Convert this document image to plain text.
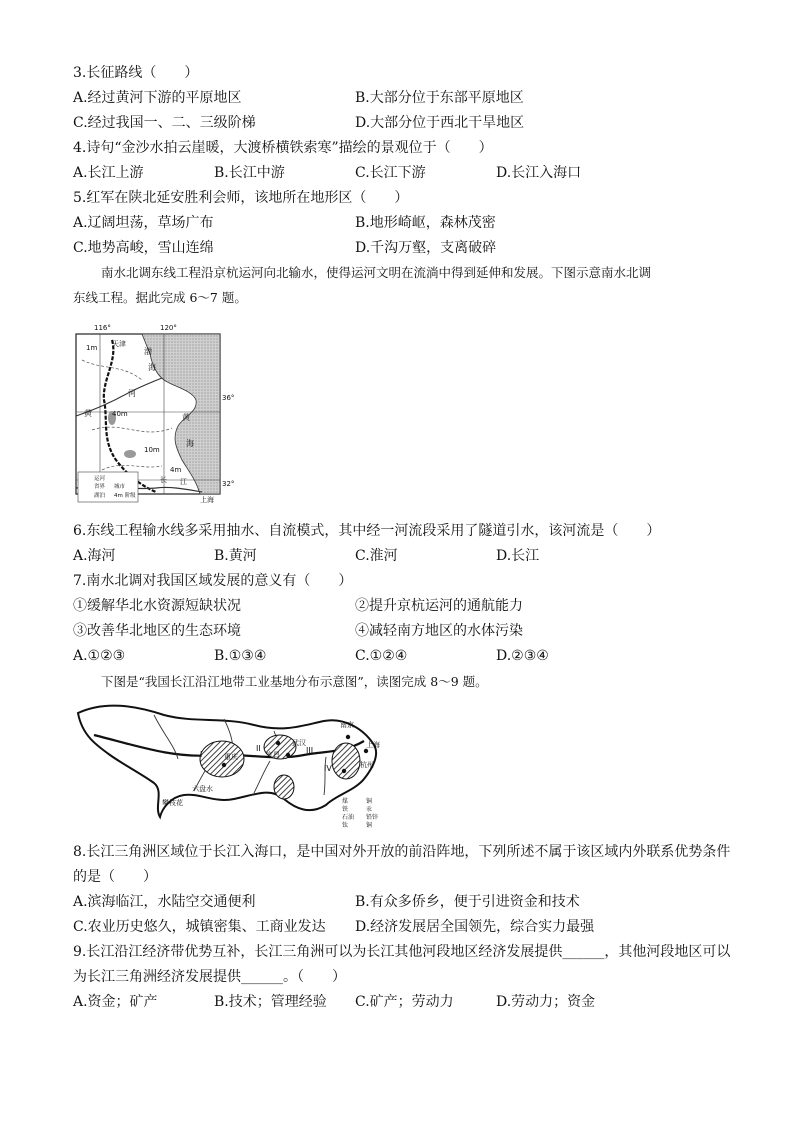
3.长征路线（　　）
A.经过黄河下游的平原地区	B.大部分位于东部平原地区
C.经过我国一、二、三级阶梯	D.大部分位于西北干旱地区
4.诗句“金沙水拍云崖暖，大渡桥横铁索寒”描绘的景观位于（　　）
A.长江上游	B.长江中游	C.长江下游	D.长江入海口
5.红军在陕北延安胜利会师，该地所在地形区（　　）
A.辽阔坦荡，草场广布	B.地形崎岖，森林茂密
C.地势高峻，雪山连绵	D.千沟万壑，支离破碎
南水北调东线工程沿京杭运河向北输水，使得运河文明在流淌中得到延伸和发展。下图示意南水北调
东线工程。据此完成 6～7 题。
116°	120°
36°
32°
天津
渤
海
黄
河
黄
海
长 江
上海
1m
40m
10m
4m
运河
省界 城市
湖泊 4m 阶级
6.东线工程输水线多采用抽水、自流模式，其中经一河流段采用了隧道引水，该河流是（　　）
A.海河	B.黄河	C.淮河	D.长江
7.南水北调对我国区域发展的意义有（　　）
①缓解华北水资源短缺状况	②提升京杭运河的通航能力
③改善华北地区的生态环境	④减轻南方地区的水体污染
A.①②③	B.①③④	C.①②④	D.②③④
下图是“我国长江沿江地带工业基地分布示意图”，读图完成 8～9 题。
南京
上海
杭州
重庆	宜昌
武汉
攀枝花
六盘水
I
II	III
IV
煤
铁
石油
钛
铜
汞
铅锌
铜
8.长江三角洲区域位于长江入海口，是中国对外开放的前沿阵地，下列所述不属于该区域内外联系优势条件
的是（　　）
A.滨海临江，水陆空交通便利	B.有众多侨乡，便于引进资金和技术
C.农业历史悠久，城镇密集、工商业发达 D.经济发展居全国领先，综合实力最强
9.长江沿江经济带优势互补，长江三角洲可以为长江其他河段地区经济发展提供______，其他河段地区可以
为长江三角洲经济发展提供______。（　　）
A.资金；矿产	B.技术；管理经验 C.矿产；劳动力	D.劳动力；资金
